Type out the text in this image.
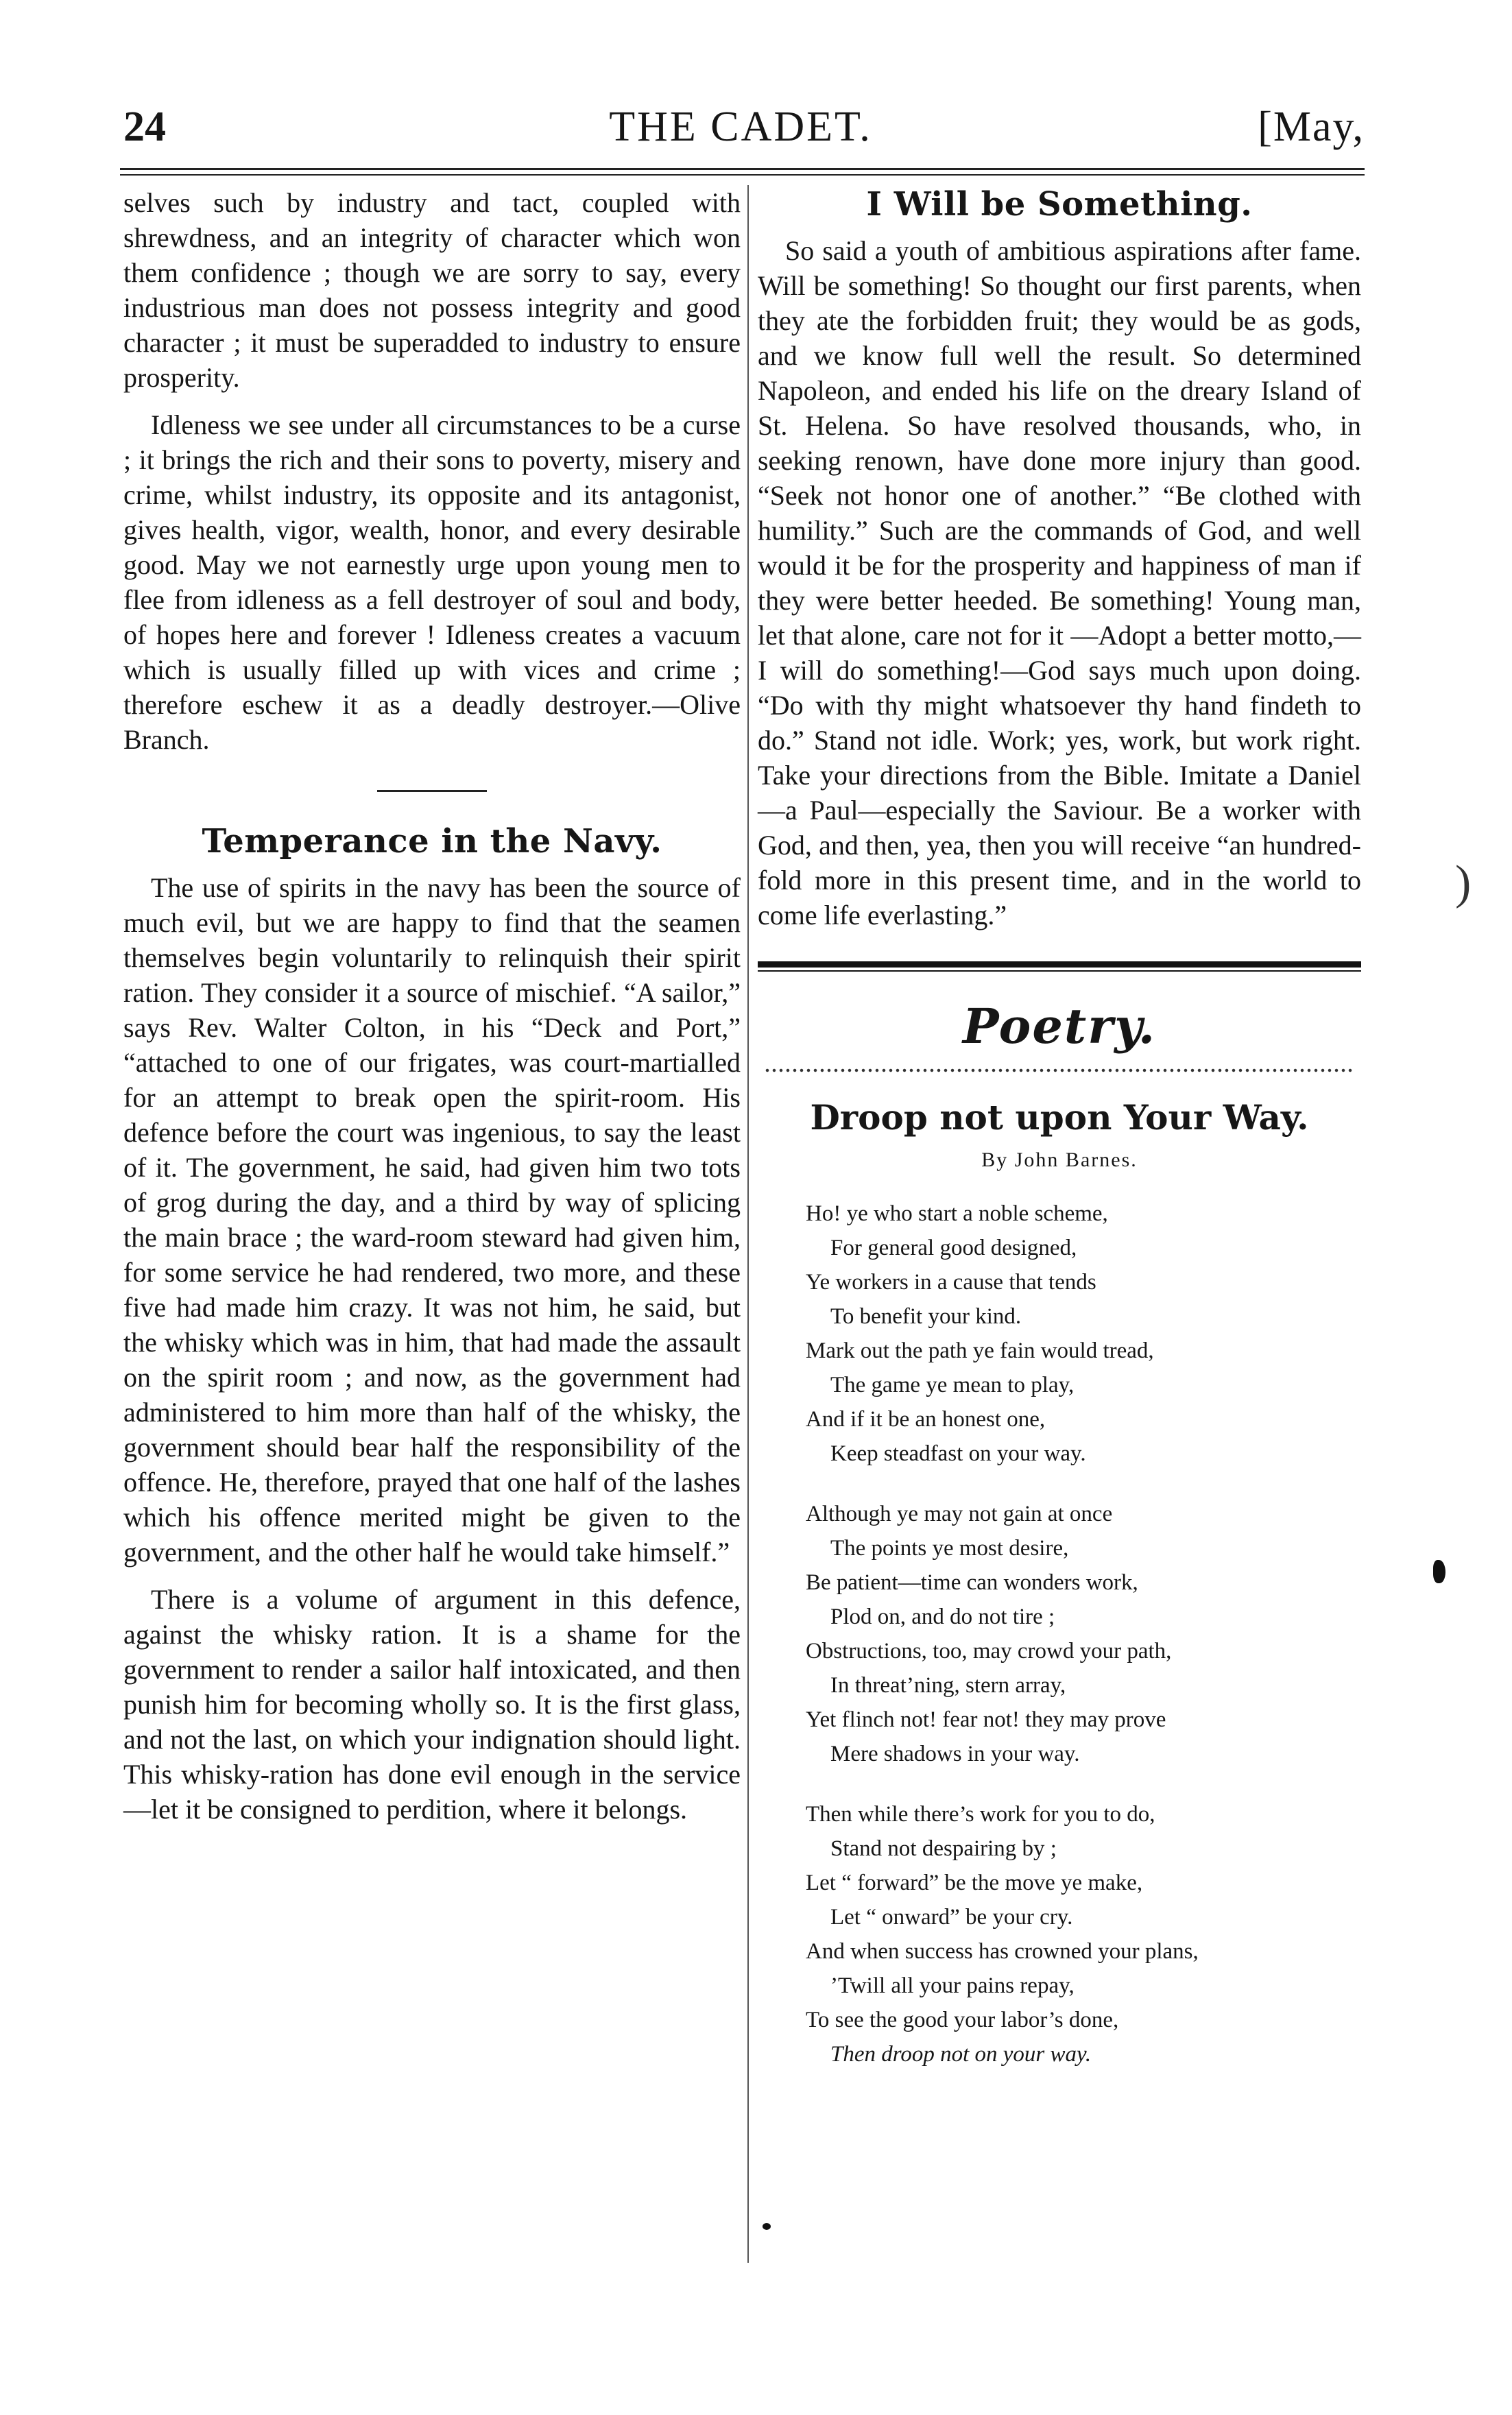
24	THE CADET.	[May,

selves such by industry and tact, coupled with shrewdness, and an integrity of character which won them confidence ; though we are sorry to say, every industrious man does not possess integrity and good character ; it must be superadded to industry to ensure prosperity.

Idleness we see under all circumstances to be a curse ; it brings the rich and their sons to poverty, misery and crime, whilst industry, its opposite and its antagonist, gives health, vigor, wealth, honor, and every desirable good. May we not earnestly urge upon young men to flee from idleness as a fell destroyer of soul and body, of hopes here and forever ! Idleness creates a vacuum which is usually filled up with vices and crime ; therefore eschew it as a deadly destroyer.—Olive Branch.

Temperance in the Navy.

The use of spirits in the navy has been the source of much evil, but we are happy to find that the seamen themselves begin voluntarily to relinquish their spirit ration. They consider it a source of mischief. “A sailor,” says Rev. Walter Colton, in his “Deck and Port,” “attached to one of our frigates, was court-martialled for an attempt to break open the spirit-room. His defence before the court was ingenious, to say the least of it. The government, he said, had given him two tots of grog during the day, and a third by way of splicing the main brace ; the ward-room steward had given him, for some service he had rendered, two more, and these five had made him crazy. It was not him, he said, but the whisky which was in him, that had made the assault on the spirit room ; and now, as the government had administered to him more than half of the whisky, the government should bear half the responsibility of the offence. He, therefore, prayed that one half of the lashes which his offence merited might be given to the government, and the other half he would take himself.”

There is a volume of argument in this defence, against the whisky ration. It is a shame for the government to render a sailor half intoxicated, and then punish him for becoming wholly so. It is the first glass, and not the last, on which your indignation should light. This whisky-ration has done evil enough in the service —let it be consigned to perdition, where it belongs.

I Will be Something.

So said a youth of ambitious aspirations after fame. Will be something! So thought our first parents, when they ate the forbidden fruit; they would be as gods, and we know full well the result. So determined Napoleon, and ended his life on the dreary Island of St. Helena. So have resolved thousands, who, in seeking renown, have done more injury than good. “Seek not honor one of another.” “Be clothed with humility.” Such are the commands of God, and well would it be for the prosperity and happiness of man if they were better heeded. Be something! Young man, let that alone, care not for it —Adopt a better motto,—I will do something!—God says much upon doing. “Do with thy might whatsoever thy hand findeth to do.” Stand not idle. Work; yes, work, but work right. Take your directions from the Bible. Imitate a Daniel—a Paul—especially the Saviour. Be a worker with God, and then, yea, then you will receive “an hundred-fold more in this present time, and in the world to come life everlasting.”

Poetry.
Droop not upon Your Way.
By John Barnes.
Ho! ye who start a noble scheme,
For general good designed,
Ye workers in a cause that tends
To benefit your kind.
Mark out the path ye fain would tread,
The game ye mean to play,
And if it be an honest one,
Keep steadfast on your way.
Although ye may not gain at once
The points ye most desire,
Be patient—time can wonders work,
Plod on, and do not tire ;
Obstructions, too, may crowd your path,
In threat’ning, stern array,
Yet flinch not! fear not! they may prove
Mere shadows in your way.
Then while there’s work for you to do,
Stand not despairing by ;
Let “ forward” be the move ye make,
Let “ onward” be your cry.
And when success has crowned your plans,
’Twill all your pains repay,
To see the good your labor’s done,
Then droop not on your way.
)
